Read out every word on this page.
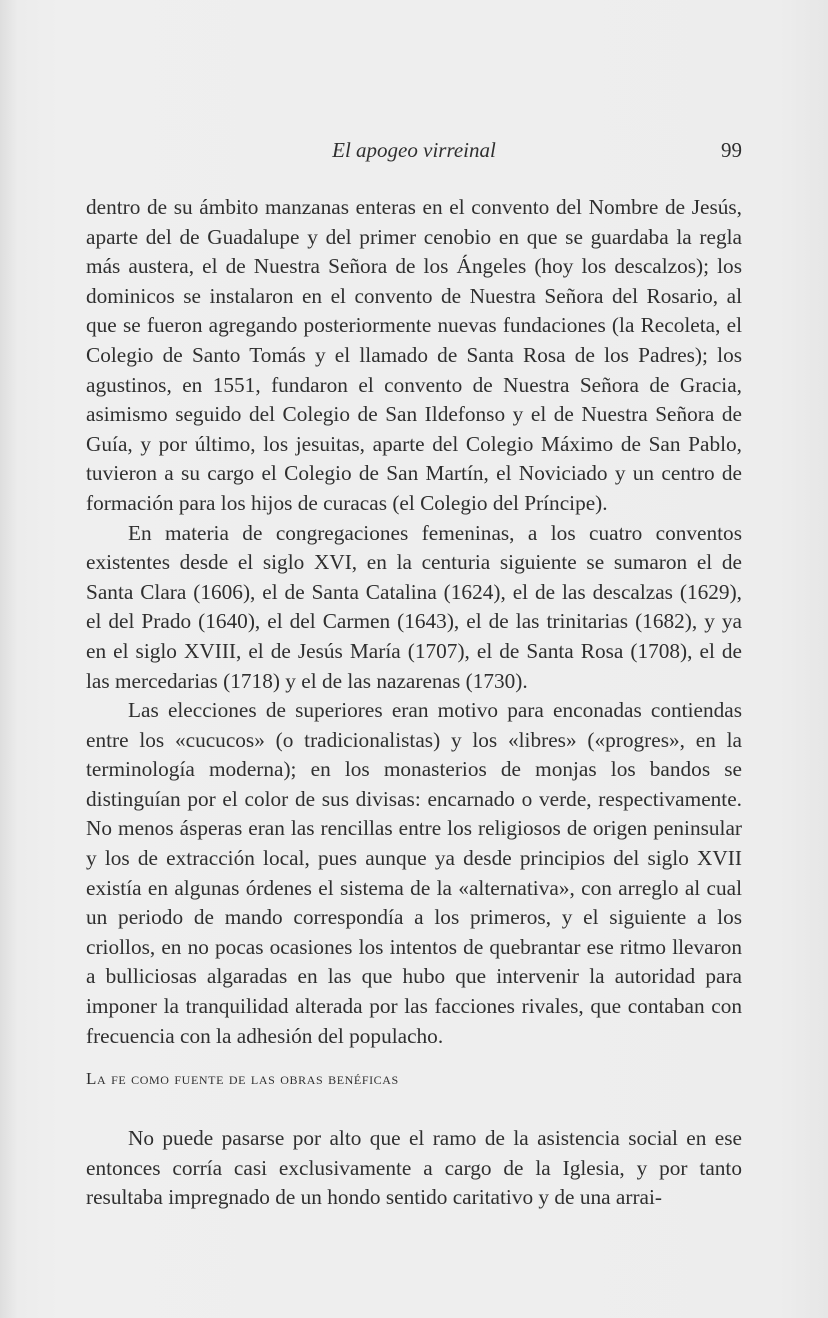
El apogeo virreinal	99

dentro de su ámbito manzanas enteras en el convento del Nombre de Jesús, aparte del de Guadalupe y del primer cenobio en que se guardaba la regla más austera, el de Nuestra Señora de los Ángeles (hoy los descalzos); los dominicos se instalaron en el convento de Nuestra Señora del Rosario, al que se fueron agregando posteriormente nuevas fundaciones (la Recoleta, el Colegio de Santo Tomás y el llamado de Santa Rosa de los Padres); los agustinos, en 1551, fundaron el convento de Nuestra Señora de Gracia, asimismo seguido del Colegio de San Ildefonso y el de Nuestra Señora de Guía, y por último, los jesuitas, aparte del Colegio Máximo de San Pablo, tuvieron a su cargo el Colegio de San Martín, el Noviciado y un centro de formación para los hijos de curacas (el Colegio del Príncipe).

En materia de congregaciones femeninas, a los cuatro conventos existentes desde el siglo XVI, en la centuria siguiente se sumaron el de Santa Clara (1606), el de Santa Catalina (1624), el de las descalzas (1629), el del Prado (1640), el del Carmen (1643), el de las trinitarias (1682), y ya en el siglo XVIII, el de Jesús María (1707), el de Santa Rosa (1708), el de las mercedarias (1718) y el de las nazarenas (1730).

Las elecciones de superiores eran motivo para enconadas contiendas entre los «cucucos» (o tradicionalistas) y los «libres» («progres», en la terminología moderna); en los monasterios de monjas los bandos se distinguían por el color de sus divisas: encarnado o verde, respectivamente. No menos ásperas eran las rencillas entre los religiosos de origen peninsular y los de extracción local, pues aunque ya desde principios del siglo XVII existía en algunas órdenes el sistema de la «alternativa», con arreglo al cual un periodo de mando correspondía a los primeros, y el siguiente a los criollos, en no pocas ocasiones los intentos de quebrantar ese ritmo llevaron a bulliciosas algaradas en las que hubo que intervenir la autoridad para imponer la tranquilidad alterada por las facciones rivales, que contaban con frecuencia con la adhesión del populacho.

La fe como fuente de las obras benéficas

No puede pasarse por alto que el ramo de la asistencia social en ese entonces corría casi exclusivamente a cargo de la Iglesia, y por tanto resultaba impregnado de un hondo sentido caritativo y de una arrai-
